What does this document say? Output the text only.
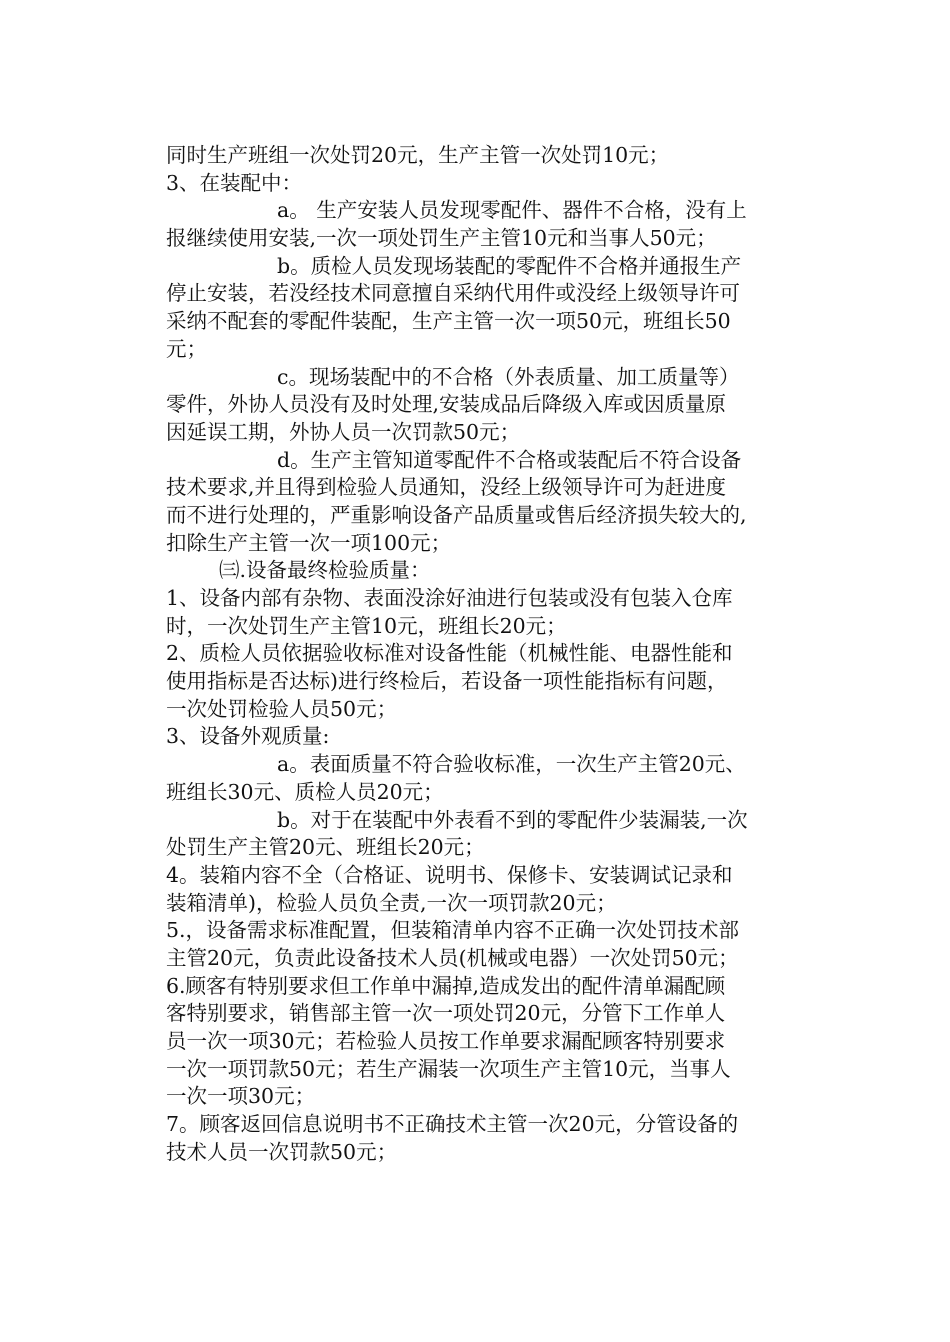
同时生产班组一次处罚20元，生产主管一次处罚10元；
3、在装配中：
a。 生产安装人员发现零配件、器件不合格，没有上
报继续使用安装,一次一项处罚生产主管10元和当事人50元；
b。质检人员发现场装配的零配件不合格并通报生产
停止安装，若没经技术同意擅自采纳代用件或没经上级领导许可
采纳不配套的零配件装配，生产主管一次一项50元，班组长50
元；
c。现场装配中的不合格（外表质量、加工质量等）
零件，外协人员没有及时处理,安装成品后降级入库或因质量原
因延误工期，外协人员一次罚款50元；
d。生产主管知道零配件不合格或装配后不符合设备
技术要求,并且得到检验人员通知，没经上级领导许可为赶进度
而不进行处理的，严重影响设备产品质量或售后经济损失较大的,
扣除生产主管一次一项100元；
㈢.设备最终检验质量：
1、设备内部有杂物、表面没涂好油进行包装或没有包装入仓库
时，一次处罚生产主管10元，班组长20元；
2、质检人员依据验收标准对设备性能（机械性能、电器性能和
使用指标是否达标)进行终检后，若设备一项性能指标有问题，
一次处罚检验人员50元；
3、设备外观质量:
a。表面质量不符合验收标准，一次生产主管20元、
班组长30元、质检人员20元；
b。对于在装配中外表看不到的零配件少装漏装,一次
处罚生产主管20元、班组长20元；
4。装箱内容不全（合格证、说明书、保修卡、安装调试记录和
装箱清单)，检验人员负全责,一次一项罚款20元；
5.，设备需求标准配置，但装箱清单内容不正确一次处罚技术部
主管20元，负责此设备技术人员(机械或电器）一次处罚50元；
6.顾客有特别要求但工作单中漏掉,造成发出的配件清单漏配顾
客特别要求，销售部主管一次一项处罚20元，分管下工作单人
员一次一项30元；若检验人员按工作单要求漏配顾客特别要求
一次一项罚款50元；若生产漏装一次项生产主管10元，当事人
一次一项30元；
7。顾客返回信息说明书不正确技术主管一次20元，分管设备的
技术人员一次罚款50元；
